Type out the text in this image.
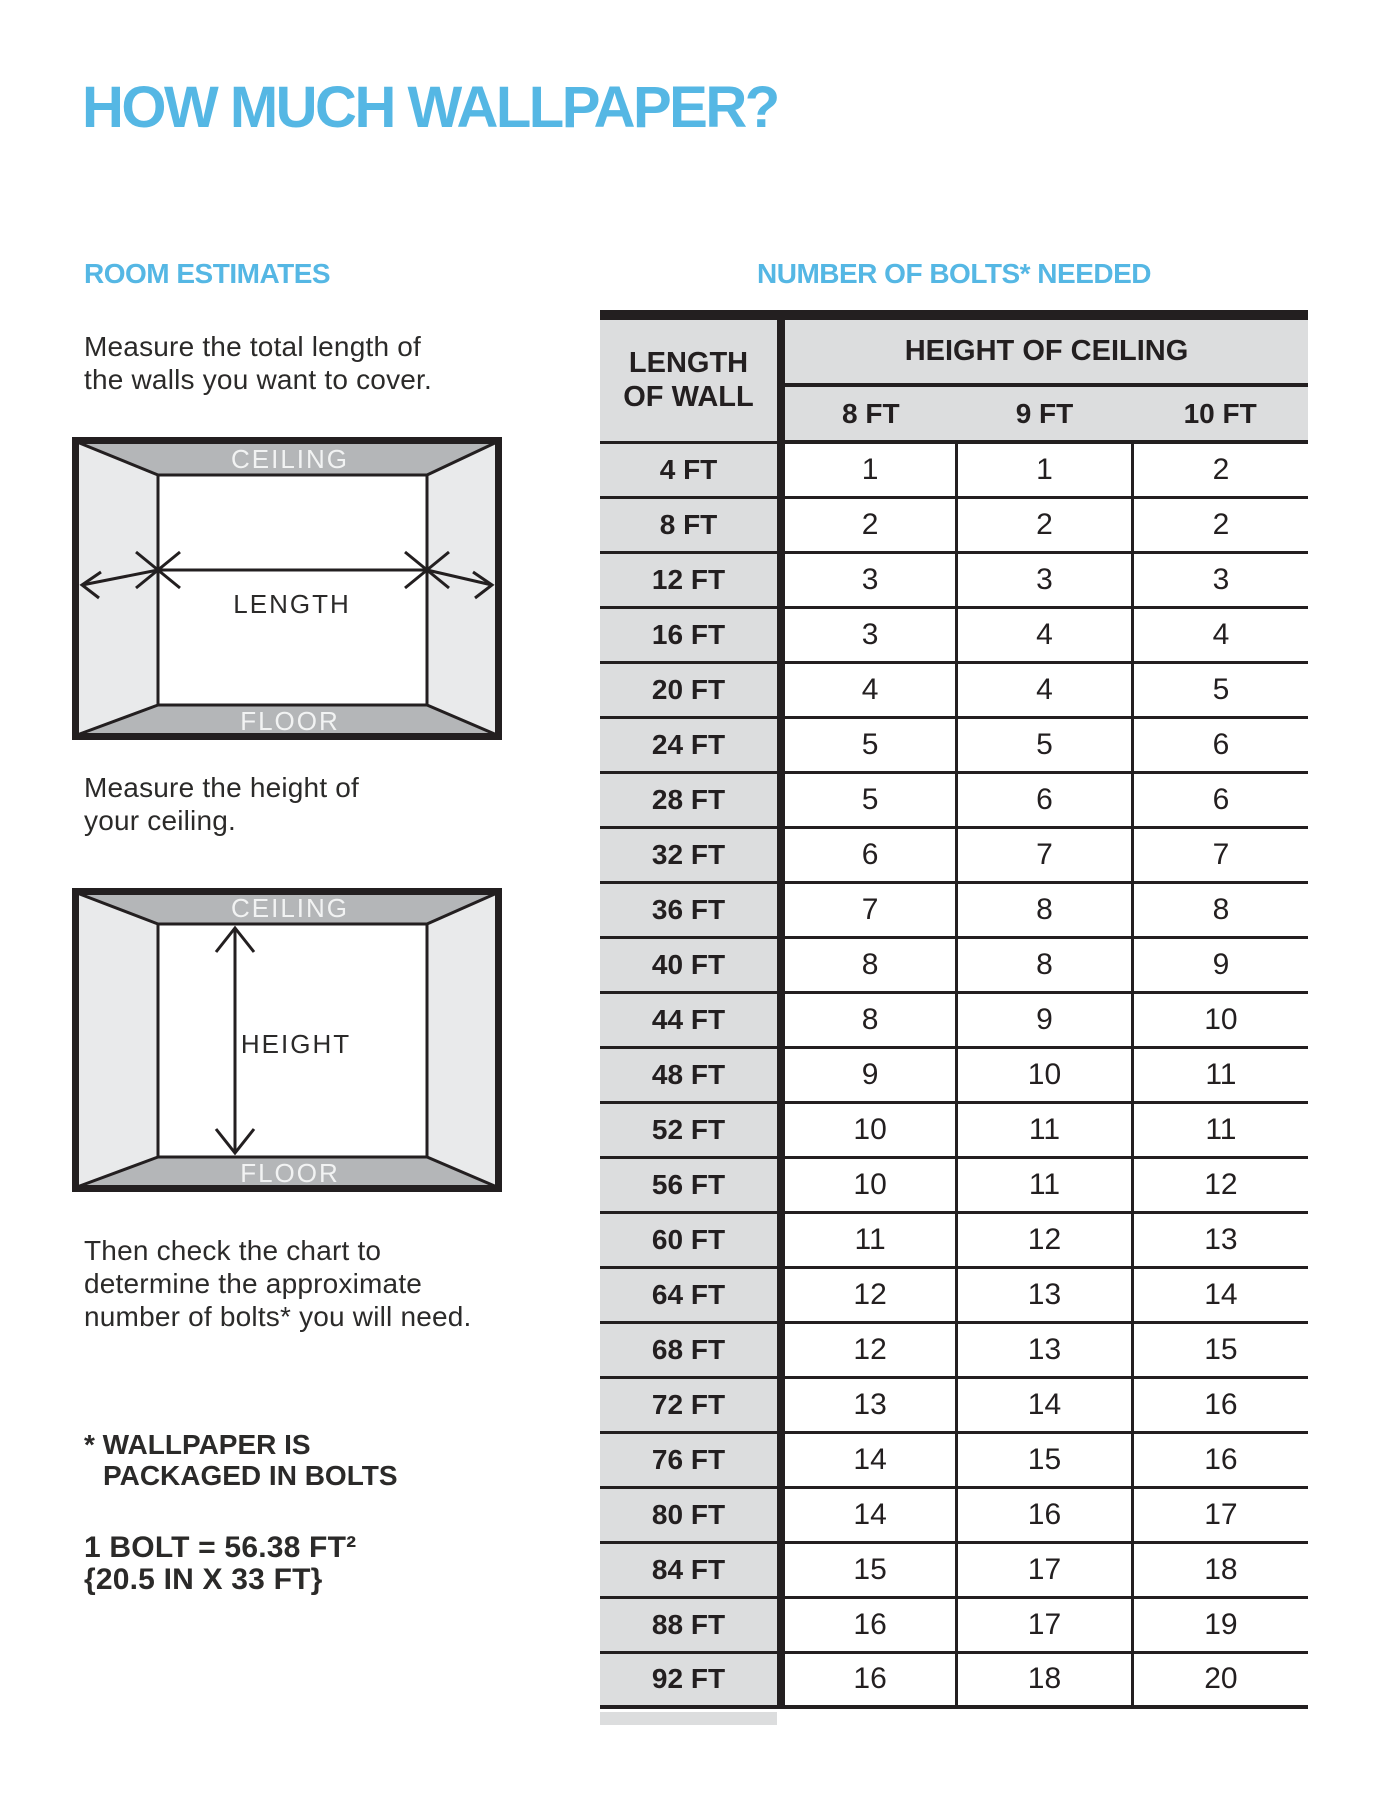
HOW MUCH WALLPAPER?
ROOM ESTIMATES	NUMBER OF BOLTS* NEEDED

Measure the total length of
the walls you want to cover.

CEILING
LENGTH
FLOOR

Measure the height of
your ceiling.

CEILING
HEIGHT
FLOOR

Then check the chart to
determine the approximate
number of bolts* you will need.

* WALLPAPER IS
PACKAGED IN BOLTS

1 BOLT = 56.38 FT²
{20.5 IN X 33 FT}

LENGTH
OF WALL	HEIGHT OF CEILING		
	8 FT	9 FT	10 FT
4 FT	1	1	2
8 FT	2	2	2
12 FT	3	3	3
16 FT	3	4	4
20 FT	4	4	5
24 FT	5	5	6
28 FT	5	6	6
32 FT	6	7	7
36 FT	7	8	8
40 FT	8	8	9
44 FT	8	9	10
48 FT	9	10	11
52 FT	10	11	11
56 FT	10	11	12
60 FT	11	12	13
64 FT	12	13	14
68 FT	12	13	15
72 FT	13	14	16
76 FT	14	15	16
80 FT	14	16	17
84 FT	15	17	18
88 FT	16	17	19
92 FT	16	18	20
